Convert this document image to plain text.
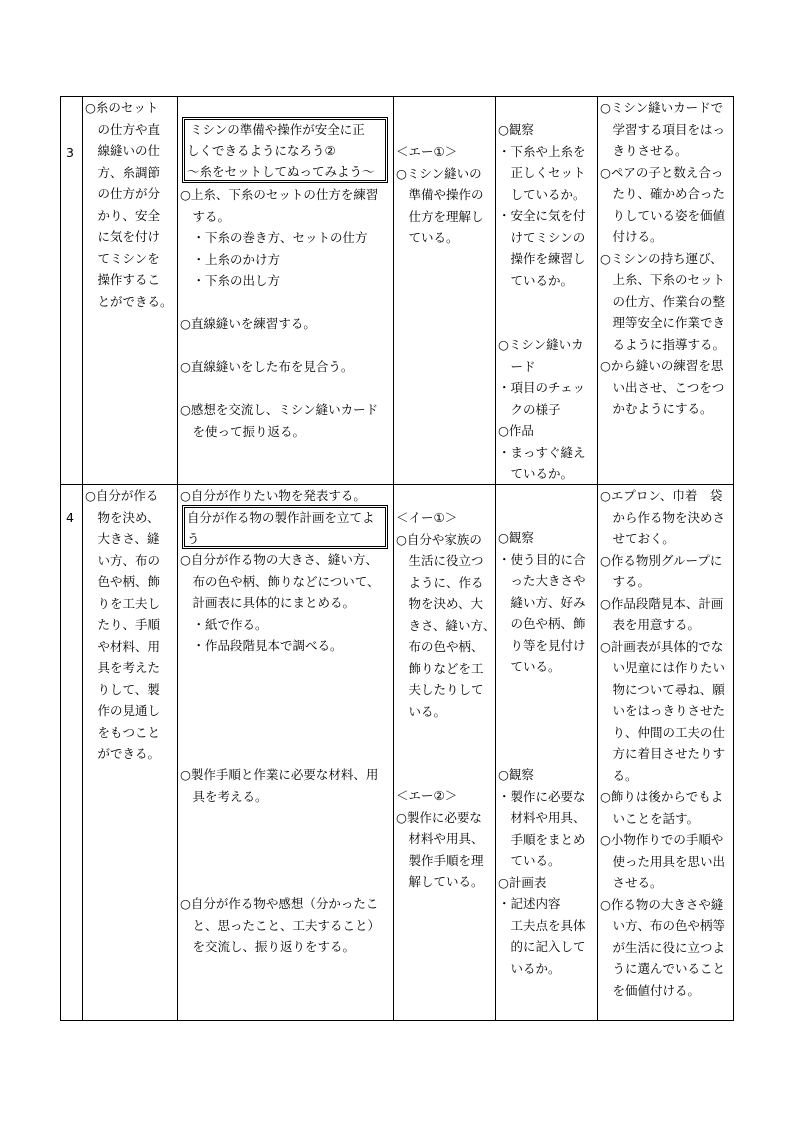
3
○糸のセット
　の仕方や直
　線縫いの仕
　方、糸調節
　の仕方が分
　かり、安全
　に気を付け
　てミシンを
　操作するこ
　とができる。
ミシンの準備や操作が安全に正
しくできるようになろう②
～糸をセットしてぬってみよう～
○上糸、下糸のセットの仕方を練習
　する。
　・下糸の巻き方、セットの仕方
　・上糸のかけ方
　・下糸の出し方
○直線縫いを練習する。
○直線縫いをした布を見合う。
○感想を交流し、ミシン縫いカード
　を使って振り返る。
＜エー①＞
○ミシン縫いの
　準備や操作の
　仕方を理解し
　ている。
○観察
・下糸や上糸を
　正しくセット
　しているか。
・安全に気を付
　けてミシンの
　操作を練習し
　ているか。
○ミシン縫いカ
　ード
・項目のチェッ
　クの様子
○作品
・まっすぐ縫え
　ているか。
○ミシン縫いカードで
　学習する項目をはっ
　きりさせる。
○ペアの子と数え合っ
　たり、確かめ合った
　りしている姿を価値
　付ける。
○ミシンの持ち運び、
　上糸、下糸のセット
　の仕方、作業台の整
　理等安全に作業でき
　るように指導する。
○から縫いの練習を思
　い出させ、こつをつ
　かむようにする。
4
○自分が作る
　物を決め、
　大きさ、縫
　い方、布の
　色や柄、飾
　りを工夫し
　たり、手順
　や材料、用
　具を考えた
　りして、製
　作の見通し
　をもつこと
　ができる。
○自分が作りたい物を発表する。
自分が作る物の製作計画を立てよ
う
○自分が作る物の大きさ、縫い方、
　布の色や柄、飾りなどについて、
　計画表に具体的にまとめる。
　・紙で作る。
　・作品段階見本で調べる。
○製作手順と作業に必要な材料、用
　具を考える。
○自分が作る物や感想（分かったこ
　と、思ったこと、工夫すること）
　を交流し、振り返りをする。
＜イー①＞
○自分や家族の
　生活に役立つ
　ように、作る
　物を決め、大
　きさ、縫い方、
　布の色や柄、
　飾りなどを工
　夫したりして
　いる。
＜エー②＞
○製作に必要な
　材料や用具、
　製作手順を理
　解している。
○観察
・使う目的に合
　った大きさや
　縫い方、好み
　の色や柄、飾
　り等を見付け
　ている。
○観察
・製作に必要な
　材料や用具、
　手順をまとめ
　ている。
○計画表
・記述内容
　工夫点を具体
　的に記入して
　いるか。
○エプロン、巾着　袋
　から作る物を決めさ
　せておく。
○作る物別グループに
　する。
○作品段階見本、計画
　表を用意する。
○計画表が具体的でな
　い児童には作りたい
　物について尋ね、願
　いをはっきりさせた
　り、仲間の工夫の仕
　方に着目させたりす
　る。
○飾りは後からでもよ
　いことを話す。
○小物作りでの手順や
　使った用具を思い出
　させる。
○作る物の大きさや縫
　い方、布の色や柄等
　が生活に役に立つよ
　うに選んでいること
　を価値付ける。
